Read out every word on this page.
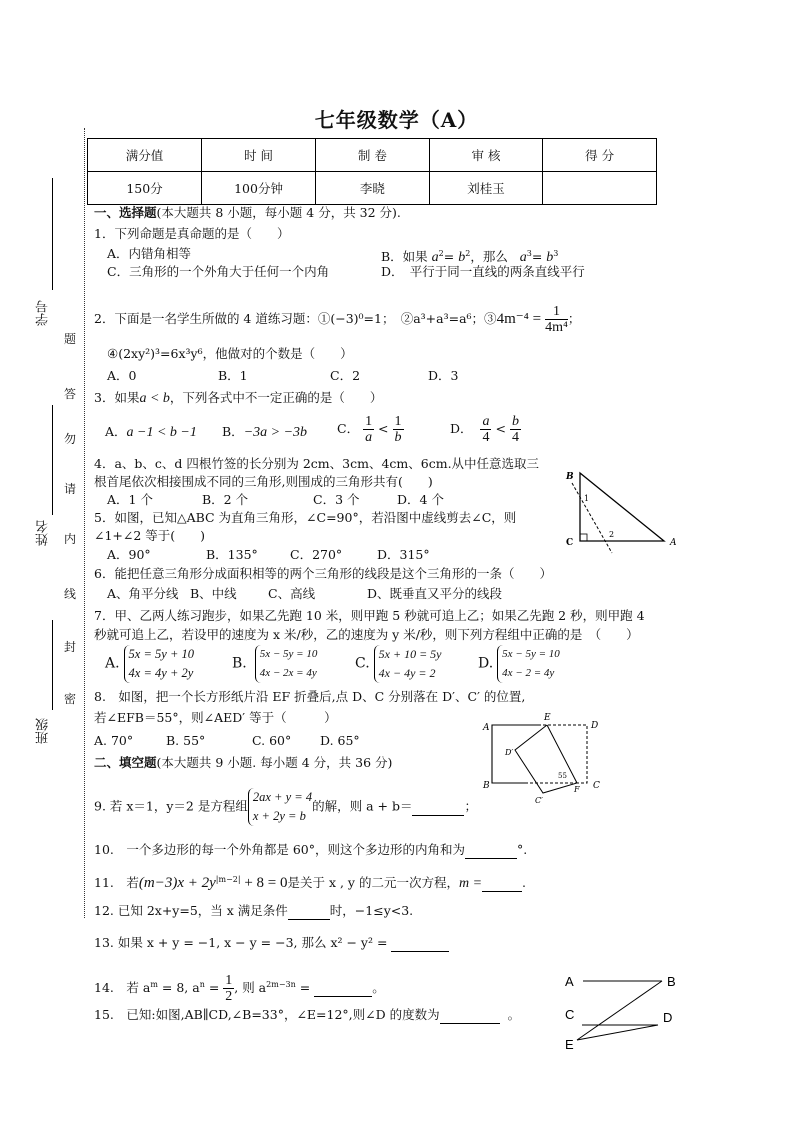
七年级数学（A）
满分值	时 间	制 卷	审 核	得 分
150分	100分钟	李晓	刘桂玉	
学号
姓名
班级
题
答
勿
请
内
线
封
密
一、选择题(本大题共 8 小题，每小题 4 分，共 32 分).
1．下列命题是真命题的是（　　）
A．内错角相等	B．如果 $a^2= b^2$，那么   $a^3= b^3$
C．三角形的一个外角大于任何一个内角	D．　平行于同一直线的两条直线平行
2．下面是一名学生所做的 4 道练习题：①(−3)⁰=1；　②a³+a³=a⁶；③4m⁻⁴ = $\frac{1}{\text{4m⁴}}$ ；
④(2xy²)³=6x³y⁶，他做对的个数是（　　）
A．0	B．1	C．2	D．3
3．如果a < b，下列各式中不一定正确的是（　　）
A．a −1 < b −1 B．−3a > −3b C． $\frac{1}{a} < \frac{1}{b}$	D． $\frac{a}{4} < \frac{b}{4}$
4．a、b、c、d 四根竹签的长分别为 2cm、3cm、4cm、6cm.从中任意选取三
根首尾依次相接围成不同的三角形,则围成的三角形共有(　　)
A．1 个	B．2 个	C．3 个	D．4 个
5．如图，已知△ABC 为直角三角形，∠C=90°，若沿图中虚线剪去∠C，则
∠1+∠2 等于(　　)
A．90°	B．135°	C．270°	D．315°
B
C	A
1
2
6．能把任意三角形分成面积相等的两个三角形的线段是这个三角形的一条（　　）
A、角平分线 B、中线	C、高线	D、既垂直又平分的线段
7．甲、乙两人练习跑步，如果乙先跑 10 米，则甲跑 5 秒就可追上乙；如果乙先跑 2 秒，则甲跑 4
秒就可追上乙，若设甲的速度为 x 米/秒，乙的速度为 y 米/秒，则下列方程组中正确的是　（　　）
A.
5x = 5y + 10
4x = 4y + 2y
B.
5x − 5y = 10
4x − 2x = 4y
C.
5x + 10 = 5y
4x − 4y = 2
D.
5x − 5y = 10
4x − 2 = 4y
8.　如图，把一个长方形纸片沿 EF 折叠后,点 D、C 分别落在 D′、C′ 的位置,
若∠EFB＝55°，则∠AED′ 等于（　　　）
A. 70°	B. 55°	C. 60° D. 65°
A
E
D
D′
B
C′
F C
55
二、填空题(本大题共 9 小题. 每小题 4 分，共 36 分)
9. 若 x＝1，y＝2 是方程组
2ax + y = 4
x + 2y = b
的解，则 a + b＝	；
10.　一个多边形的每一个外角都是 60°，则这个多边形的内角和为	°.
11.　若$(m-3)x + 2y^{|m-2|} + 8 = 0$是关于 x , y 的二元一次方程，m =	.
12. 已知 2x+y=5，当 x 满足条件	时，−1≤y<3.
13. 如果 x + y = −1, x − y = −3, 那么 x² − y² =
14.　若 $a^m = 8$, $a^n = \frac{1}{2}$ , 则 $a^{2m-3n}$ =	。
15.　已知:如图,AB∥CD,∠B=33°，∠E=12°,则∠D 的度数为	。
A	B
C	D
E
